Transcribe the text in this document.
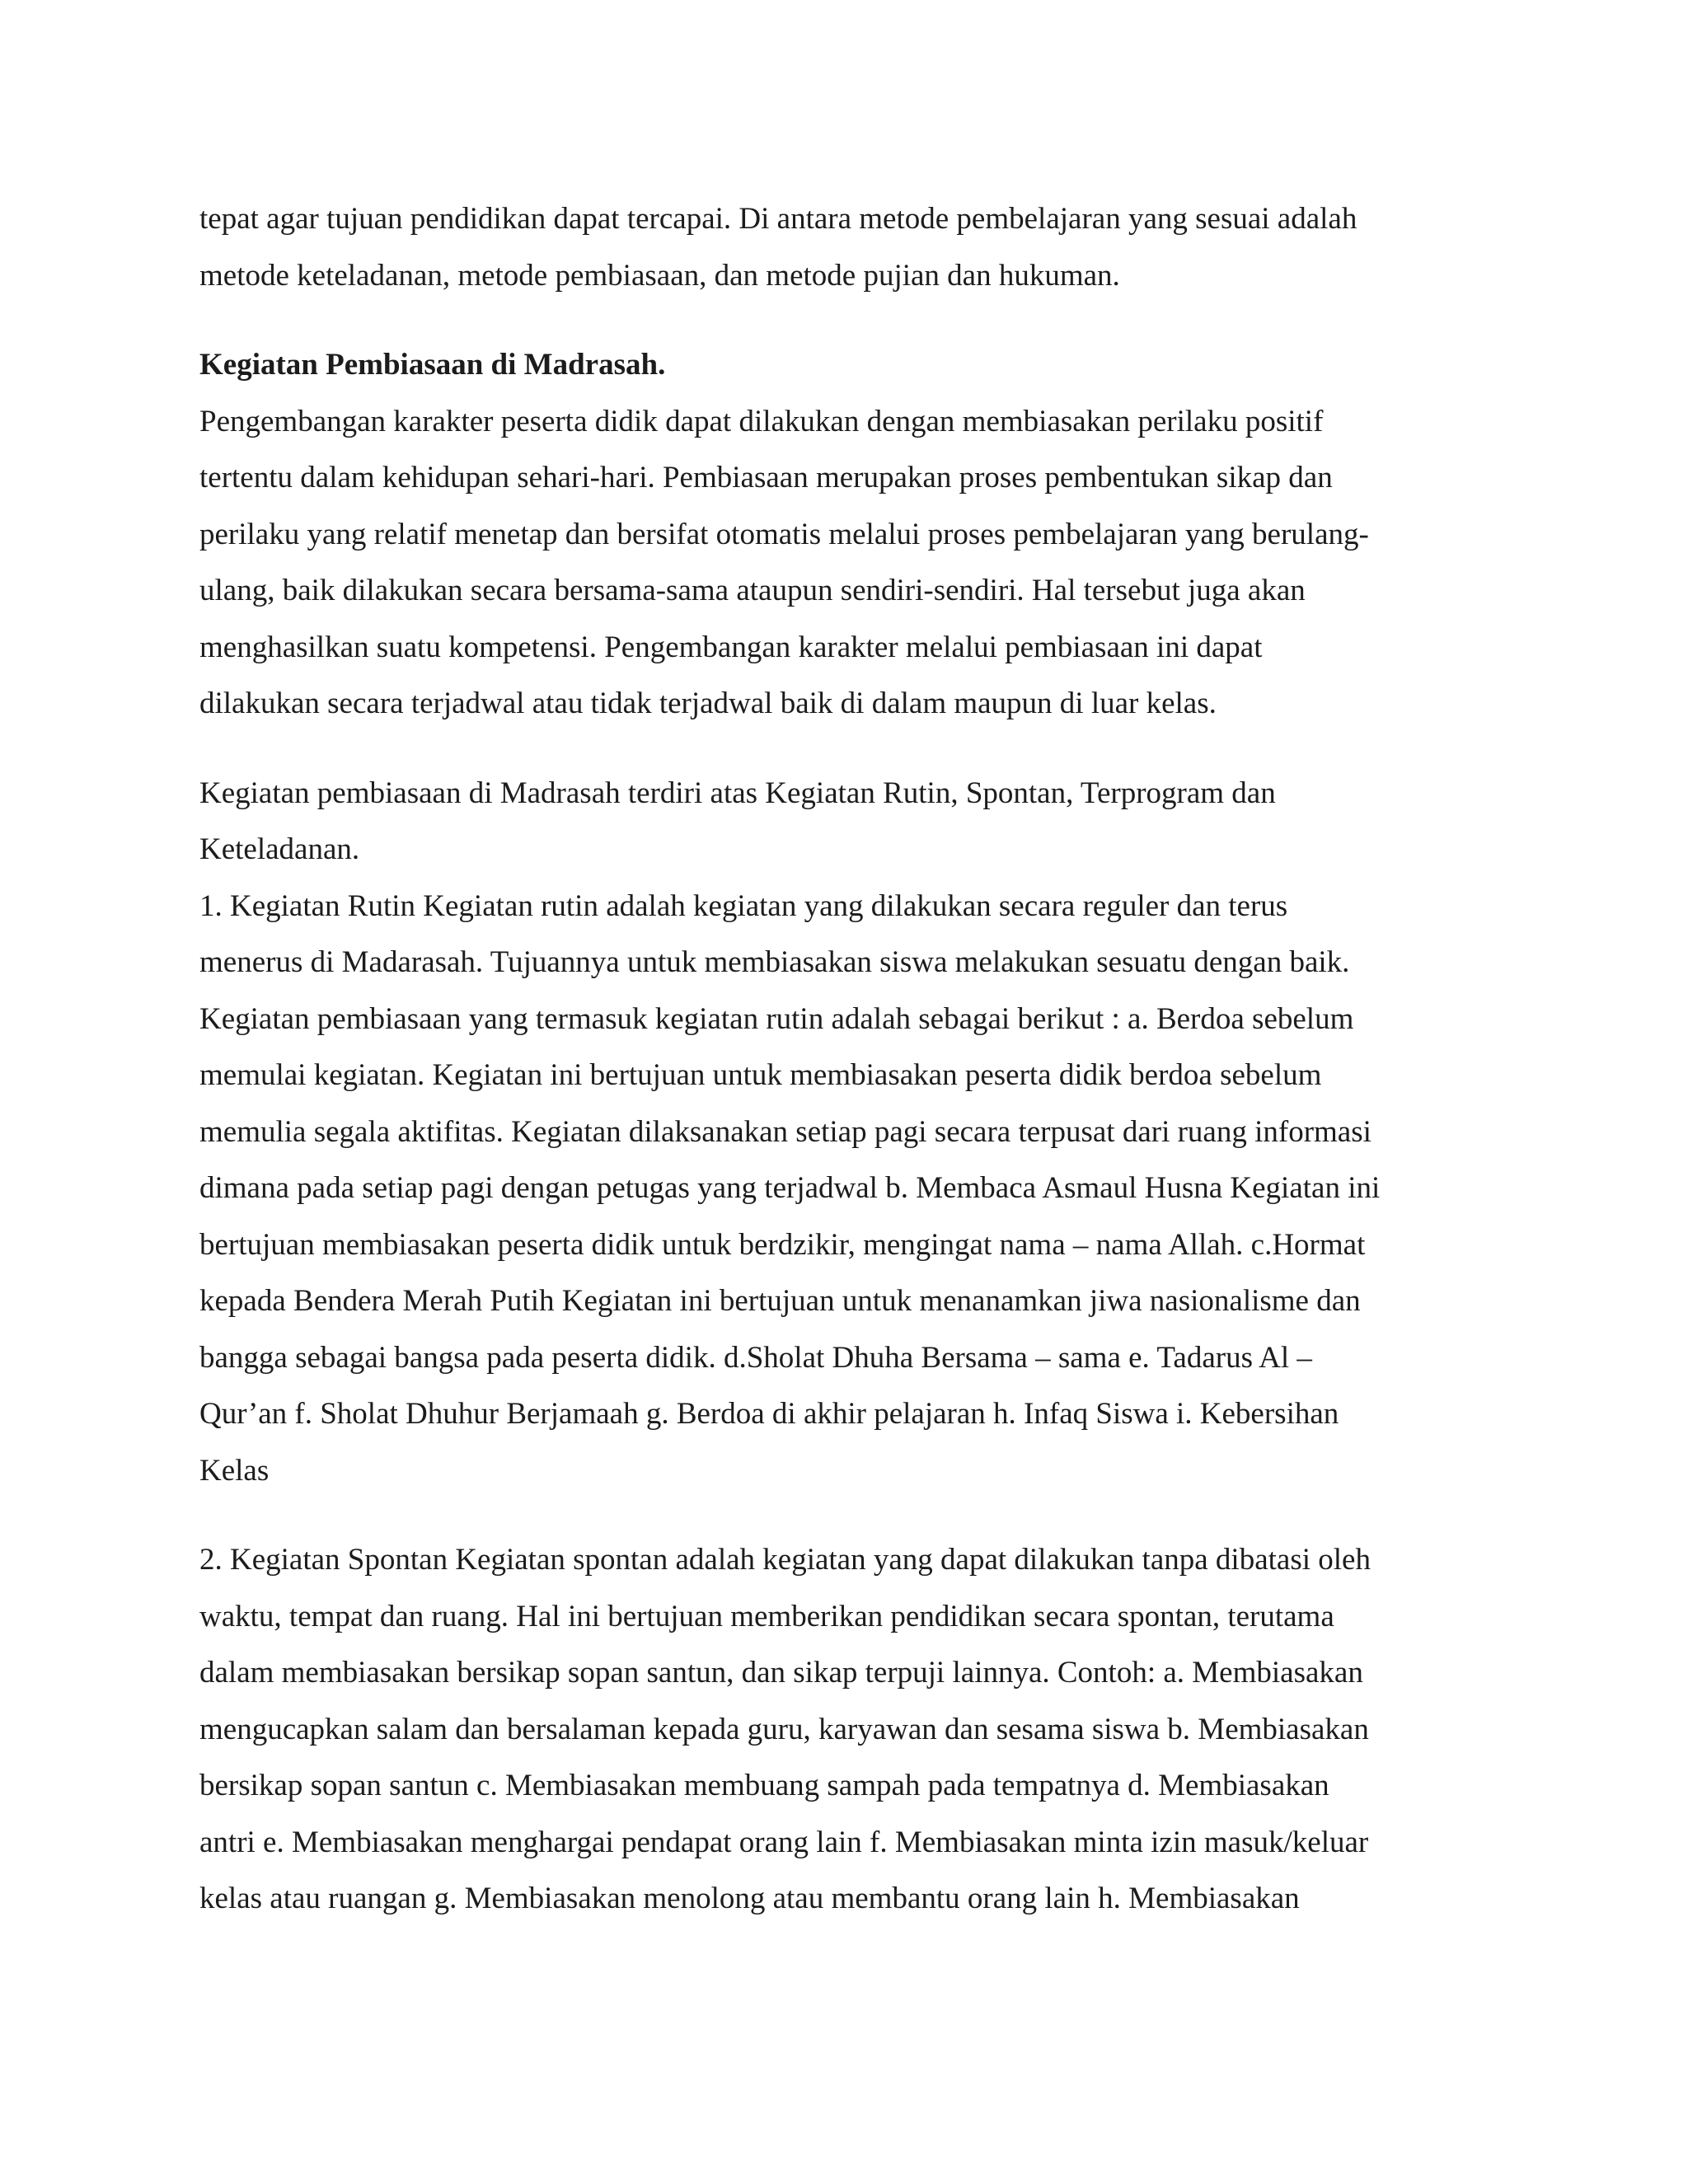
tepat agar tujuan pendidikan dapat tercapai. Di antara metode pembelajaran yang sesuai adalah
metode keteladanan, metode pembiasaan, dan metode pujian dan hukuman.
Kegiatan Pembiasaan di Madrasah.
Pengembangan karakter peserta didik dapat dilakukan dengan membiasakan perilaku positif
tertentu dalam kehidupan sehari-hari. Pembiasaan merupakan proses pembentukan sikap dan
perilaku yang relatif menetap dan bersifat otomatis melalui proses pembelajaran yang berulang-
ulang, baik dilakukan secara bersama-sama ataupun sendiri-sendiri. Hal tersebut juga akan
menghasilkan suatu kompetensi. Pengembangan karakter melalui pembiasaan ini dapat
dilakukan secara terjadwal atau tidak terjadwal baik di dalam maupun di luar kelas.
Kegiatan pembiasaan di Madrasah terdiri atas Kegiatan Rutin, Spontan, Terprogram dan
Keteladanan.
1. Kegiatan Rutin Kegiatan rutin adalah kegiatan yang dilakukan secara reguler dan terus
menerus di Madarasah. Tujuannya untuk membiasakan siswa melakukan sesuatu dengan baik.
Kegiatan pembiasaan yang termasuk kegiatan rutin adalah sebagai berikut : a. Berdoa sebelum
memulai kegiatan. Kegiatan ini bertujuan untuk membiasakan peserta didik berdoa sebelum
memulia segala aktifitas. Kegiatan dilaksanakan setiap pagi secara terpusat dari ruang informasi
dimana pada setiap pagi dengan petugas yang terjadwal b. Membaca Asmaul Husna Kegiatan ini
bertujuan membiasakan peserta didik untuk berdzikir, mengingat nama – nama Allah. c.Hormat
kepada Bendera Merah Putih Kegiatan ini bertujuan untuk menanamkan jiwa nasionalisme dan
bangga sebagai bangsa pada peserta didik. d.Sholat Dhuha Bersama – sama e. Tadarus Al –
Qur’an f. Sholat Dhuhur Berjamaah g. Berdoa di akhir pelajaran h. Infaq Siswa i. Kebersihan
Kelas
2. Kegiatan Spontan Kegiatan spontan adalah kegiatan yang dapat dilakukan tanpa dibatasi oleh
waktu, tempat dan ruang. Hal ini bertujuan memberikan pendidikan secara spontan, terutama
dalam membiasakan bersikap sopan santun, dan sikap terpuji lainnya. Contoh: a. Membiasakan
mengucapkan salam dan bersalaman kepada guru, karyawan dan sesama siswa b. Membiasakan
bersikap sopan santun c. Membiasakan membuang sampah pada tempatnya d. Membiasakan
antri e. Membiasakan menghargai pendapat orang lain f. Membiasakan minta izin masuk/keluar
kelas atau ruangan g. Membiasakan menolong atau membantu orang lain h. Membiasakan
